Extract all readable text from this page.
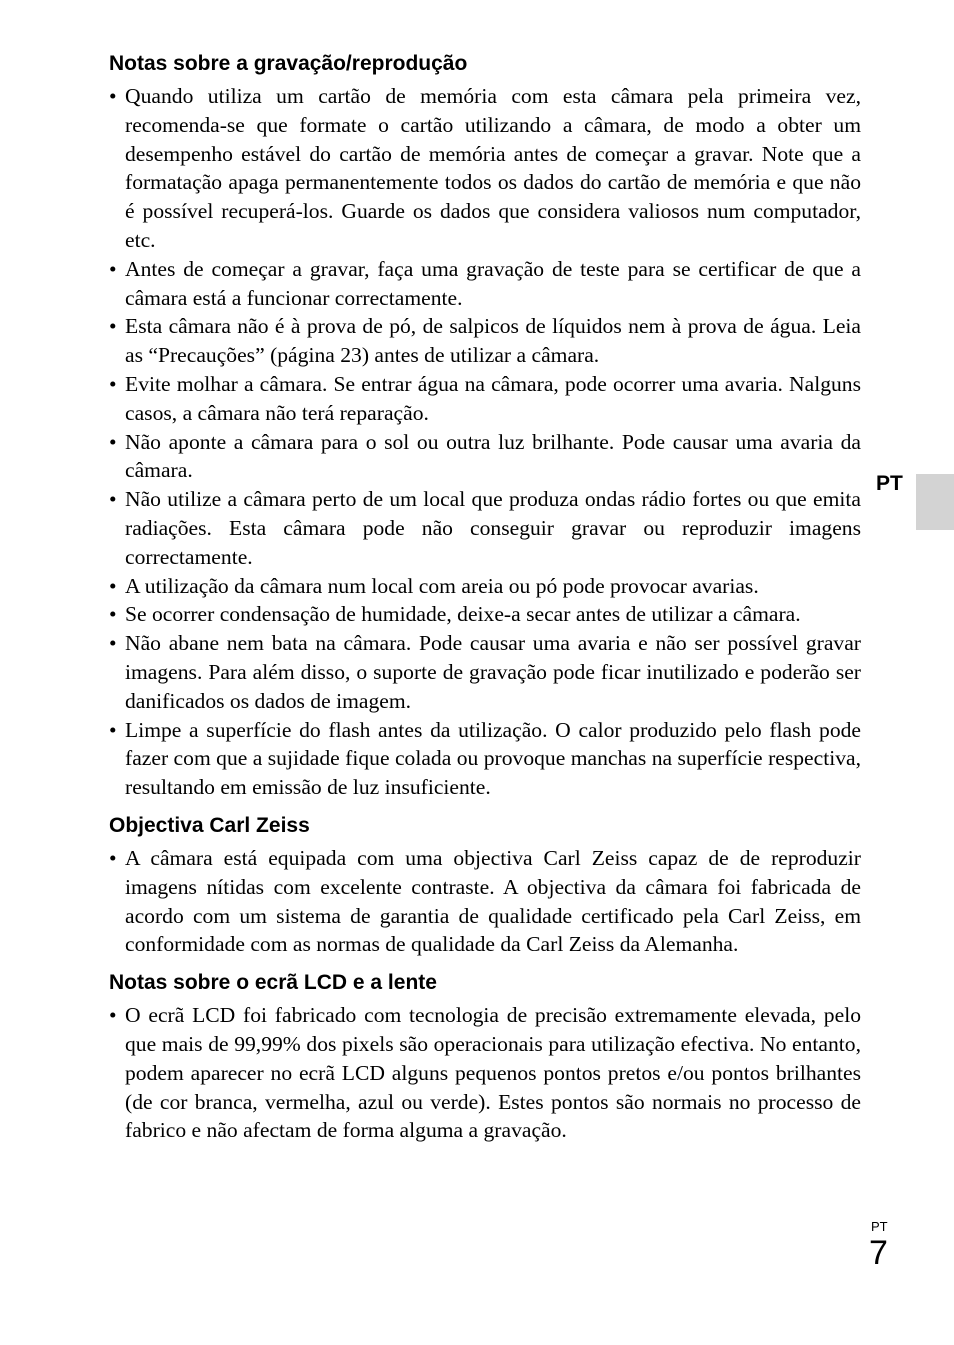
Notas sobre a gravação/reprodução
• Quando utiliza um cartão de memória com esta câmara pela primeira vez, recomenda-se que formate o cartão utilizando a câmara, de modo a obter um desempenho estável do cartão de memória antes de começar a gravar. Note que a formatação apaga permanentemente todos os dados do cartão de memória e que não é possível recuperá-los. Guarde os dados que considera valiosos num computador, etc.
• Antes de começar a gravar, faça uma gravação de teste para se certificar de que a câmara está a funcionar correctamente.
• Esta câmara não é à prova de pó, de salpicos de líquidos nem à prova de água. Leia as “Precauções” (página 23) antes de utilizar a câmara.
• Evite molhar a câmara. Se entrar água na câmara, pode ocorrer uma avaria. Nalguns casos, a câmara não terá reparação.
• Não aponte a câmara para o sol ou outra luz brilhante. Pode causar uma avaria da câmara.
• Não utilize a câmara perto de um local que produza ondas rádio fortes ou que emita radiações. Esta câmara pode não conseguir gravar ou reproduzir imagens correctamente.
• A utilização da câmara num local com areia ou pó pode provocar avarias.
• Se ocorrer condensação de humidade, deixe-a secar antes de utilizar a câmara.
• Não abane nem bata na câmara. Pode causar uma avaria e não ser possível gravar imagens. Para além disso, o suporte de gravação pode ficar inutilizado e poderão ser danificados os dados de imagem.
• Limpe a superfície do flash antes da utilização. O calor produzido pelo flash pode fazer com que a sujidade fique colada ou provoque manchas na superfície respectiva, resultando em emissão de luz insuficiente.
Objectiva Carl Zeiss
• A câmara está equipada com uma objectiva Carl Zeiss capaz de de reproduzir imagens nítidas com excelente contraste. A objectiva da câmara foi fabricada de acordo com um sistema de garantia de qualidade certificado pela Carl Zeiss, em conformidade com as normas de qualidade da Carl Zeiss da Alemanha.
Notas sobre o ecrã LCD e a lente
• O ecrã LCD foi fabricado com tecnologia de precisão extremamente elevada, pelo que mais de 99,99% dos pixels são operacionais para utilização efectiva. No entanto, podem aparecer no ecrã LCD alguns pequenos pontos pretos e/ou pontos brilhantes (de cor branca, vermelha, azul ou verde). Estes pontos são normais no processo de fabrico e não afectam de forma alguma a gravação.
PT
PT
7
